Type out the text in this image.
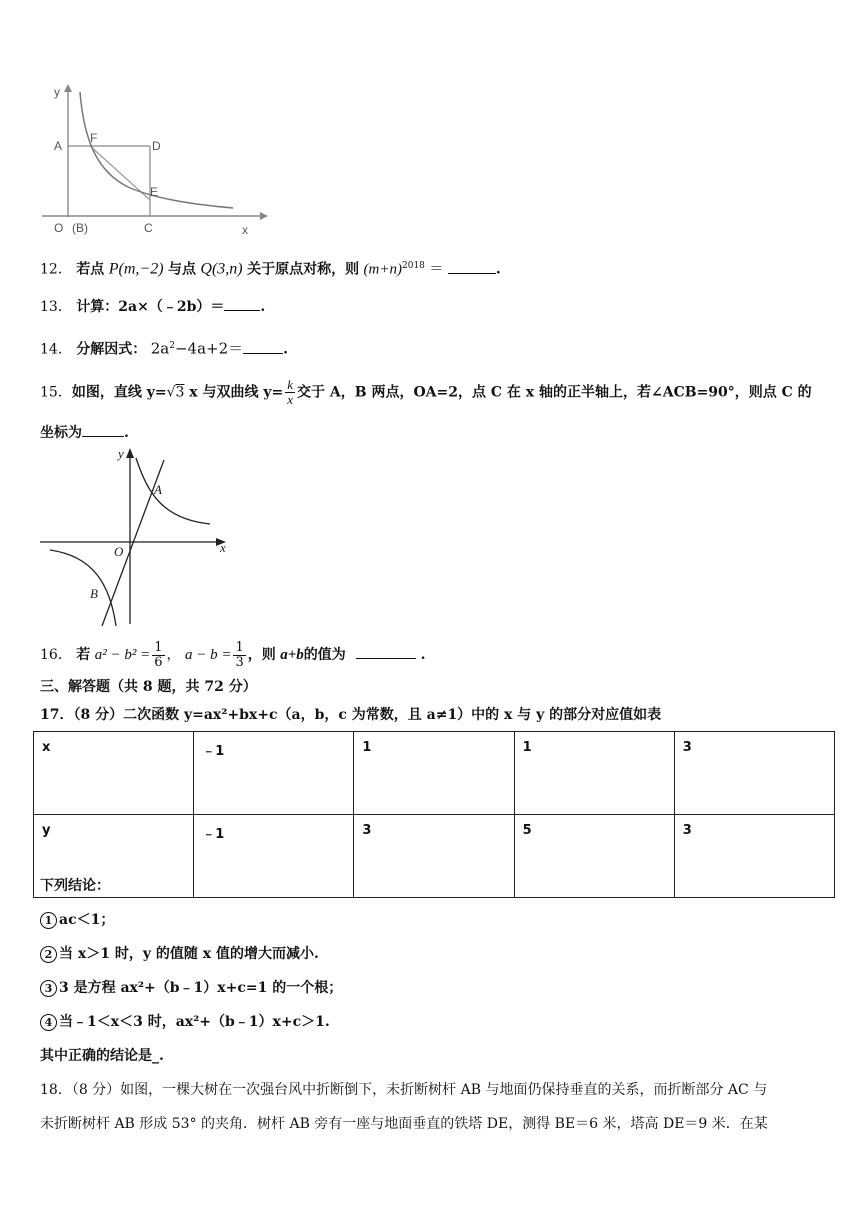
y
A
F
D
E
O (B)	C	x
12． 若点 P(m,−2) 与点 Q(3,n) 关于原点对称，则 $(m+n)^{2018}$ ＝	.
13． 计算：2a×（﹣2b）＝	.
14． 分解因式： $2a^2-4a+2=$	.
15．如图，直线 y=√3 x 与双曲线 $y= \frac{k}{x}$ 交于 A，B 两点，OA=2，点 C 在 x 轴的正半轴上，若∠ACB=90°，则点 C 的
坐标为	.
y
x
O
A
B
16． 若 $a^2 - b^2 = \frac{1}{6}$ ， $a - b = \frac{1}{3}$ ，则 a+b的值为	.
三、解答题（共 8 题，共 72 分）
17．（8 分）二次函数 y=ax²+bx+c（a，b，c 为常数，且 a≠1）中的 x 与 y 的部分对应值如表
x	﹣1	1	1	3
y	﹣1	3	5	3
下列结论：
1 ac＜1；
2 当 x＞1 时，y 的值随 x 值的增大而减小.
3 3 是方程 ax²+（b﹣1）x+c=1 的一个根；
4 当﹣1＜x＜3 时，ax²+（b﹣1）x+c＞1.
其中正确的结论是_.
18．（8 分）如图，一棵大树在一次强台风中折断倒下，未折断树杆 AB 与地面仍保持垂直的关系，而折断部分 AC 与
未折断树杆 AB 形成 53° 的夹角．树杆 AB 旁有一座与地面垂直的铁塔 DE，测得 BE＝6 米，塔高 DE＝9 米．在某
